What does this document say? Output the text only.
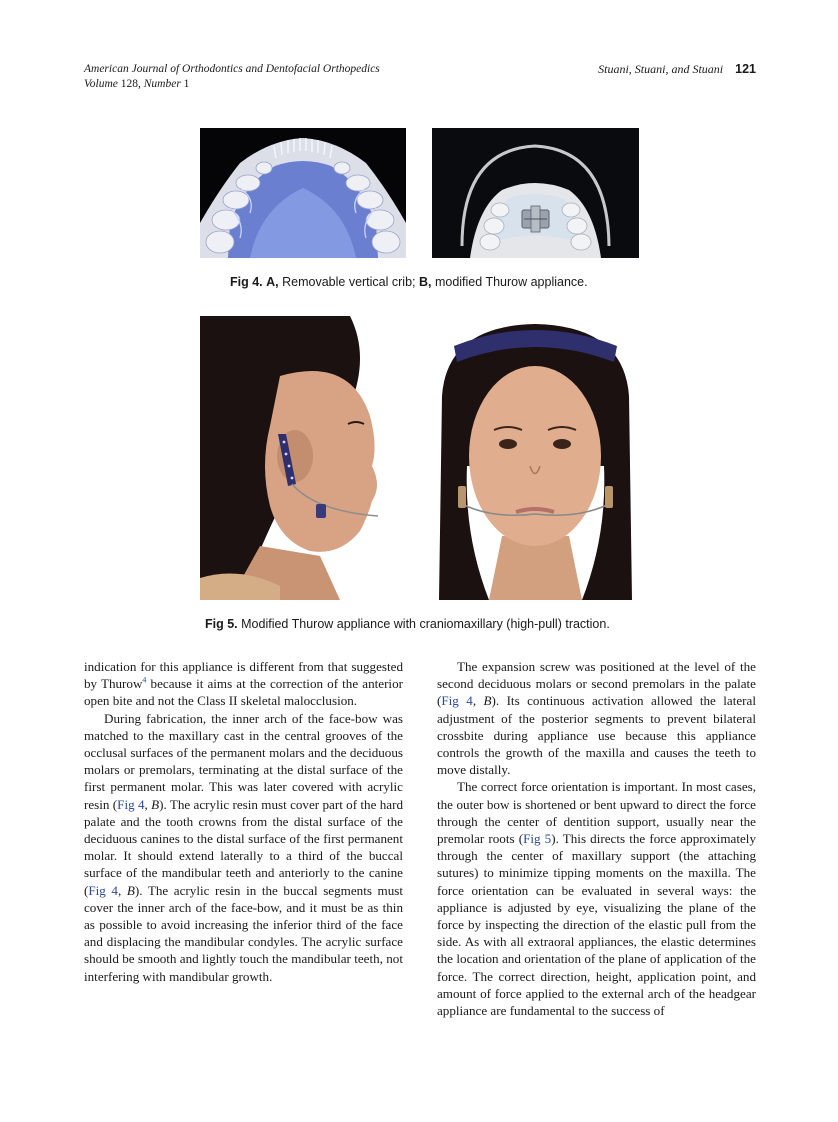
American Journal of Orthodontics and Dentofacial Orthopedics
Volume 128, Number 1
Stuani, Stuani, and Stuani 121
Fig 4. A, Removable vertical crib; B, modified Thurow appliance.
Fig 5. Modified Thurow appliance with craniomaxillary (high-pull) traction.

indication for this appliance is different from that suggested by Thurow$^4$ because it aims at the correction of the anterior open bite and not the Class II skeletal malocclusion.

During fabrication, the inner arch of the face-bow was matched to the maxillary cast in the central grooves of the occlusal surfaces of the permanent molars and the deciduous molars or premolars, terminating at the distal surface of the first permanent molar. This was later covered with acrylic resin (Fig 4, B). The acrylic resin must cover part of the hard palate and the tooth crowns from the distal surface of the deciduous canines to the distal surface of the first permanent molar. It should extend laterally to a third of the buccal surface of the mandibular teeth and anteriorly to the canine (Fig 4, B). The acrylic resin in the buccal segments must cover the inner arch of the face-bow, and it must be as thin as possible to avoid increasing the inferior third of the face and displacing the mandibular condyles. The acrylic surface should be smooth and lightly touch the mandibular teeth, not interfering with mandibular growth.

The expansion screw was positioned at the level of the second deciduous molars or second premolars in the palate (Fig 4, B). Its continuous activation allowed the lateral adjustment of the posterior segments to prevent bilateral crossbite during appliance use because this appliance controls the growth of the maxilla and causes the teeth to move distally.

The correct force orientation is important. In most cases, the outer bow is shortened or bent upward to direct the force through the center of dentition support, usually near the premolar roots (Fig 5). This directs the force approximately through the center of maxillary support (the attaching sutures) to minimize tipping moments on the maxilla. The force orientation can be evaluated in several ways: the appliance is adjusted by eye, visualizing the plane of the force by inspecting the direction of the elastic pull from the side. As with all extraoral appliances, the elastic determines the location and orientation of the plane of application of the force. The correct direction, height, application point, and amount of force applied to the external arch of the headgear appliance are fundamental to the success of
